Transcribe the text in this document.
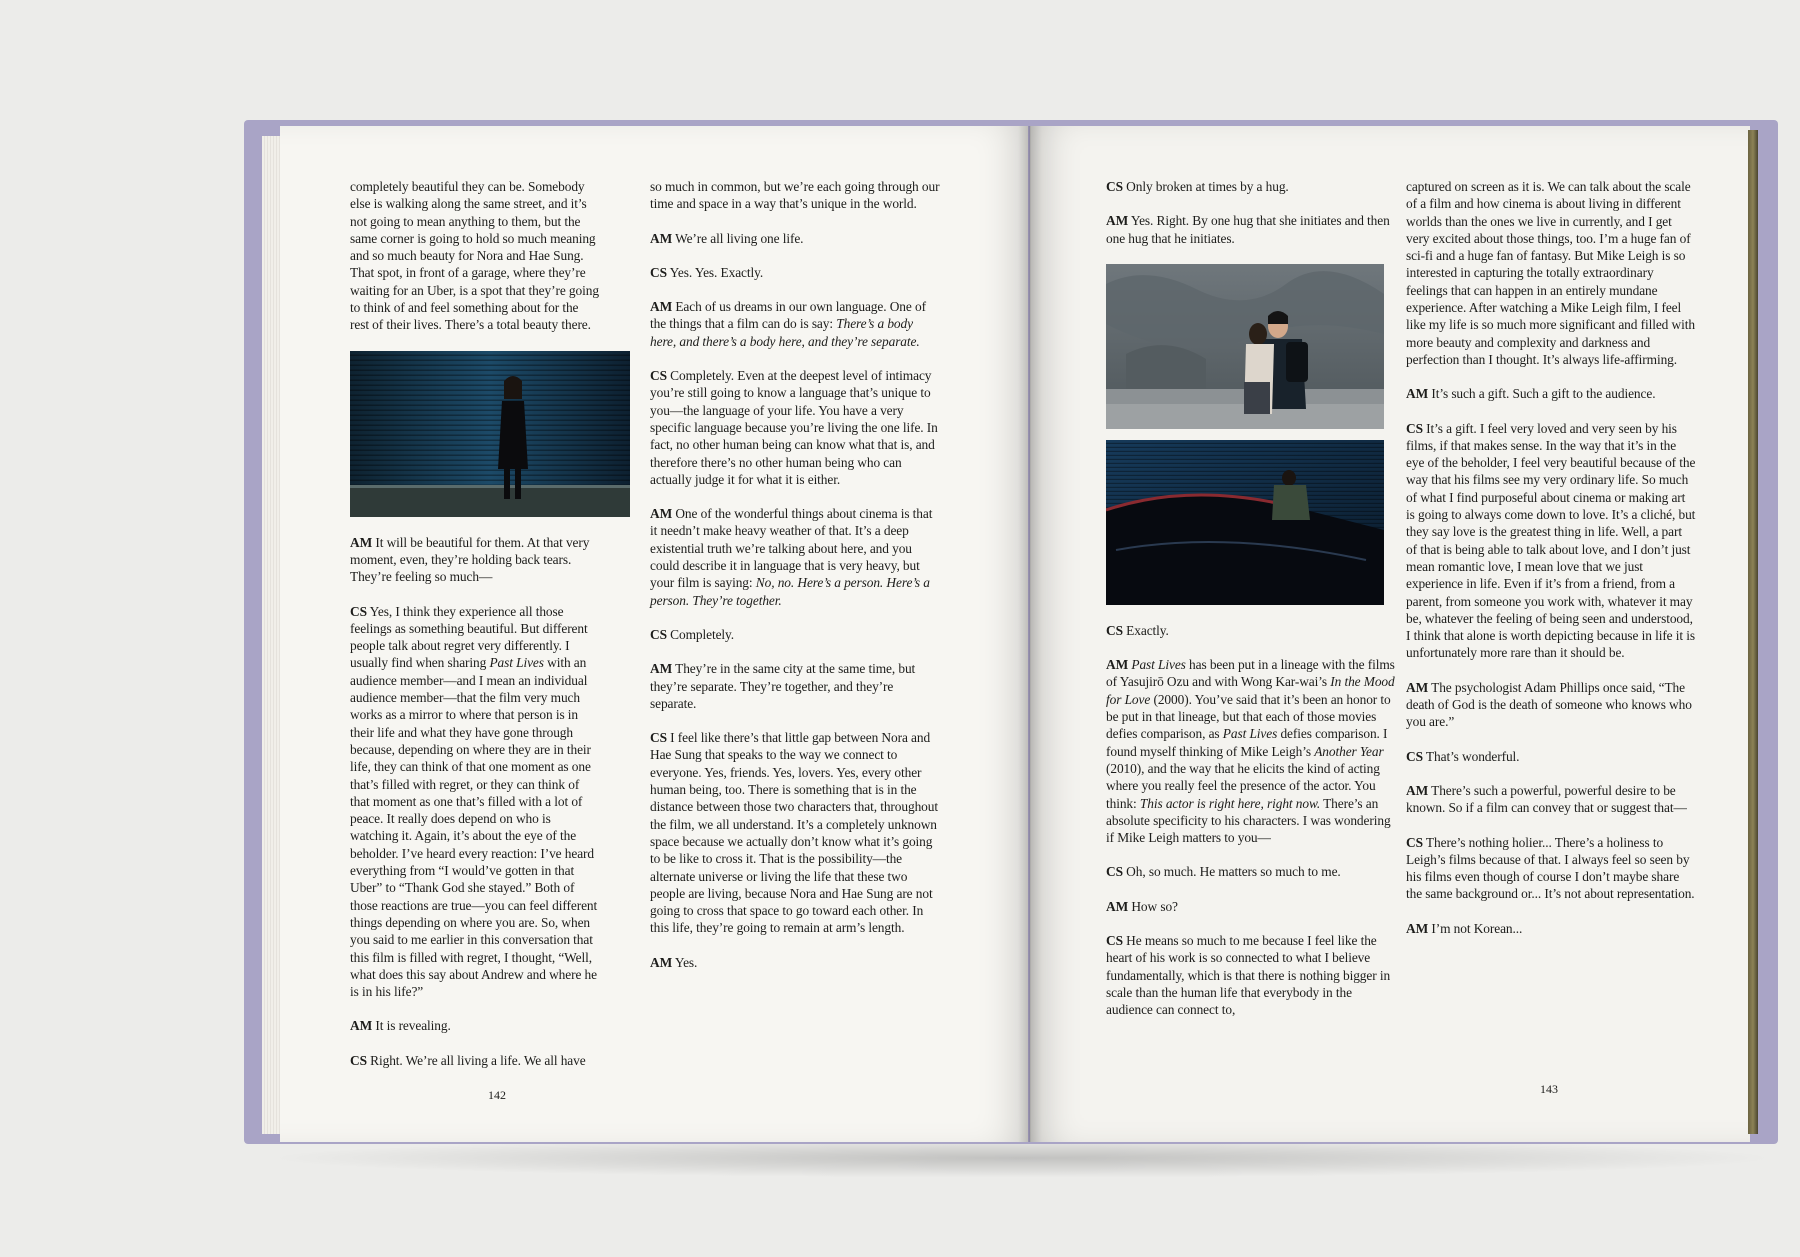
completely beautiful they can be. Somebody else is walking along the same street, and it’s not going to mean anything to them, but the same corner is going to hold so much meaning and so much beauty for Nora and Hae Sung. That spot, in front of a garage, where they’re waiting for an Uber, is a spot that they’re going to think of and feel something about for the rest of their lives. There’s a total beauty there.

AM It will be beautiful for them. At that very moment, even, they’re holding back tears. They’re feeling so much—

CS Yes, I think they experience all those feelings as something beautiful. But different people talk about regret very differently. I usually find when sharing Past Lives with an audience member—and I mean an individual audience member—that the film very much works as a mirror to where that person is in their life and what they have gone through because, depending on where they are in their life, they can think of that one moment as one that’s filled with regret, or they can think of that moment as one that’s filled with a lot of peace. It really does depend on who is watching it. Again, it’s about the eye of the beholder. I’ve heard every reaction: I’ve heard everything from “I would’ve gotten in that Uber” to “Thank God she stayed.” Both of those reactions are true—you can feel different things depending on where you are. So, when you said to me earlier in this conversation that this film is filled with regret, I thought, “Well, what does this say about Andrew and where he is in his life?”

AM It is revealing.

CS Right. We’re all living a life. We all have

so much in common, but we’re each going through our time and space in a way that’s unique in the world.

AM We’re all living one life.

CS Yes. Yes. Exactly.

AM Each of us dreams in our own language. One of the things that a film can do is say: There’s a body here, and there’s a body here, and they’re separate.

CS Completely. Even at the deepest level of intimacy you’re still going to know a language that’s unique to you—the language of your life. You have a very specific language because you’re living the one life. In fact, no other human being can know what that is, and therefore there’s no other human being who can actually judge it for what it is either.

AM One of the wonderful things about cinema is that it needn’t make heavy weather of that. It’s a deep existential truth we’re talking about here, and you could describe it in language that is very heavy, but your film is saying: No, no. Here’s a person. Here’s a person. They’re together.

CS Completely.

AM They’re in the same city at the same time, but they’re separate. They’re together, and they’re separate.

CS I feel like there’s that little gap between Nora and Hae Sung that speaks to the way we connect to everyone. Yes, friends. Yes, lovers. Yes, every other human being, too. There is something that is in the distance between those two characters that, throughout the film, we all understand. It’s a completely unknown space because we actually don’t know what it’s going to be like to cross it. That is the possibility—the alternate universe or living the life that these two people are living, because Nora and Hae Sung are not going to cross that space to go toward each other. In this life, they’re going to remain at arm’s length.

AM Yes.

142

CS Only broken at times by a hug.

AM Yes. Right. By one hug that she initiates and then one hug that he initiates.

CS Exactly.

AM Past Lives has been put in a lineage with the films of Yasujirō Ozu and with Wong Kar-wai’s In the Mood for Love (2000). You’ve said that it’s been an honor to be put in that lineage, but that each of those movies defies comparison, as Past Lives defies comparison. I found myself thinking of Mike Leigh’s Another Year (2010), and the way that he elicits the kind of acting where you really feel the presence of the actor. You think: This actor is right here, right now. There’s an absolute specificity to his characters. I was wondering if Mike Leigh matters to you—

CS Oh, so much. He matters so much to me.

AM How so?

CS He means so much to me because I feel like the heart of his work is so connected to what I believe fundamentally, which is that there is nothing bigger in scale than the human life that everybody in the audience can connect to,

captured on screen as it is. We can talk about the scale of a film and how cinema is about living in different worlds than the ones we live in currently, and I get very excited about those things, too. I’m a huge fan of sci-fi and a huge fan of fantasy. But Mike Leigh is so interested in capturing the totally extraordinary feelings that can happen in an entirely mundane experience. After watching a Mike Leigh film, I feel like my life is so much more significant and filled with more beauty and complexity and darkness and perfection than I thought. It’s always life-affirming.

AM It’s such a gift. Such a gift to the audience.

CS It’s a gift. I feel very loved and very seen by his films, if that makes sense. In the way that it’s in the eye of the beholder, I feel very beautiful because of the way that his films see my very ordinary life. So much of what I find purposeful about cinema or making art is going to always come down to love. It’s a cliché, but they say love is the greatest thing in life. Well, a part of that is being able to talk about love, and I don’t just mean romantic love, I mean love that we just experience in life. Even if it’s from a friend, from a parent, from someone you work with, whatever it may be, whatever the feeling of being seen and understood, I think that alone is worth depicting because in life it is unfortunately more rare than it should be.

AM The psychologist Adam Phillips once said, “The death of God is the death of someone who knows who you are.”

CS That’s wonderful.

AM There’s such a powerful, powerful desire to be known. So if a film can convey that or suggest that—

CS There’s nothing holier... There’s a holiness to Leigh’s films because of that. I always feel so seen by his films even though of course I don’t maybe share the same background or... It’s not about representation.

AM I’m not Korean...

143
